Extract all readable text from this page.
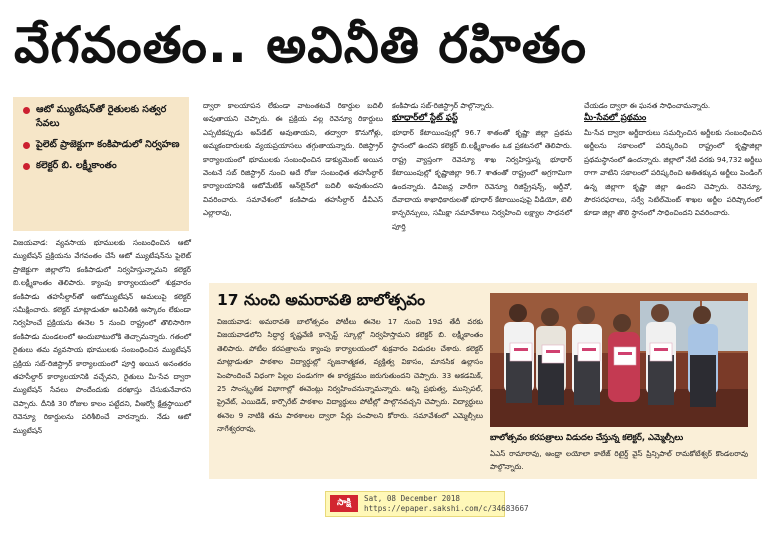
వేగవంతం.. అవినీతి రహితం
ఆటో మ్యుటేషన్‌తో రైతులకు సత్వర సేవలు
పైలెట్ ప్రాజెక్టుగా కంకిపాడులో నిర్వహణ
కలెక్టర్ బి. లక్ష్మీకాంతం

విజయవాడ: వ్యవసాయ భూములకు సంబంధించిన ఆటో మ్యుటేషన్ ప్రక్రియను వేగవంతం చేసే ఆటో మ్యుటేషన్‌ను పైలెట్ ప్రాజెక్టుగా జిల్లాలోని కంకిపాడులో నిర్వహిస్తున్నామని కలెక్టర్ బి.లక్ష్మీకాంతం తెలిపారు. క్యాంపు కార్యాలయంలో శుక్రవారం కంకిపాడు తహసీల్దార్‌తో ఆటోమ్యుటేషన్ అమలుపై కలెక్టర్ సమీక్షించారు. కలెక్టర్ మాట్లాడుతూ అవినీతికి ఆస్కారం లేకుండా నిర్వహించే ప్రక్రియను ఈనెల 5 నుంచి రాష్ట్రంలో తొలిసారిగా కంకిపాడు మండలంలో అందుబాటులోకి తెచ్చామన్నారు. గతంలో రైతులు తమ వ్యవసాయ భూములకు సంబంధించిన మ్యుటేషన్ ప్రక్రియ సబ్-రిజిస్ట్రార్ కార్యాలయంలో పూర్తి అయిన అనంతరం తహసీల్దార్ కార్యాలయానికి వచ్చేవని, రైతులు మీ-సేవ ద్వారా మ్యుటేషన్ సేవలు పొందేందుకు దరఖాస్తు చేసుకునేవారని చెప్పారు. దీనికి 30 రోజుల కాలం పట్టేదని, వీఆర్వో క్షేత్రస్థాయిలో రెవెన్యూ రికార్డులను పరిశీలించే వారన్నారు. నేడు ఆటో మ్యుటేషన్

ద్వారా కాలయాపన లేకుండా వాటంతటవే రికార్డుల బదిలీ అవుతాయని చెప్పారు. ఈ ప్రక్రియ వల్ల రెవెన్యూ రికార్డులు ఎప్పటికప్పుడు అప్‌డేట్ అవుతాయని, తద్వారా కొనుగోళ్లు, అమ్మకందారులకు వ్యయప్రయాసలు తగ్గుతాయన్నారు. రిజిస్ట్రార్ కార్యాలయంలో భూములకు సంబంధించిన డాక్యుమెంట్ అయిన వెంటనే సబ్ రిజిస్ట్రార్ నుంచి అదే రోజు సంబంధిత తహసీల్దార్ కార్యాలయానికి ఆటోమేటిక్ ఆన్‌లైన్‌లో బదిలీ అవుతుందని వివరించారు. సమావేశంలో కంకిపాడు తహసీల్దార్ డీవీఎస్ ఎల్లారావు,

కంకిపాడు సబ్-రిజిస్ట్రార్ పాల్గొన్నారు.

భూధార్‌లో స్టేట్ ఫస్ట్

భూధార్ కేటాయింపుల్లో 96.7 శాతంతో కృష్ణా జిల్లా ప్రథమ స్థానంలో ఉందని కలెక్టర్ బి.లక్ష్మీకాంతం ఒక ప్రకటనలో తెలిపారు. రాష్ట్ర వ్యాప్తంగా రెవెన్యూ శాఖ నిర్వహిస్తున్న భూధార్ కేటాయింపుల్లో కృష్ణాజిల్లా 96.7 శాతంతో రాష్ట్రంలో అగ్రగామిగా ఉందన్నారు. డివిజన్ల వారీగా రెవెన్యూ రిజిస్ట్రేషన్స్, ఆర్డీవో, దేవాదాయ శాఖాధికారులతో భూధార్ కేటాయింపుపై వీడియో, టెలీ కాన్ఫరెన్సులు, సమీక్షా సమావేశాలు నిర్వహించి లక్ష్యాల సాధనలో పూర్తి

చేయడం ద్వారా ఈ ఘనత సాధించామన్నారు.

మీ-సేవలో ప్రథమం

మీ-సేవ ద్వారా అర్జీదారులు సమర్పించిన అర్జీలకు సంబంధించిన అర్జీలను సకాలంలో పరిష్కరించి రాష్ట్రంలో కృష్ణాజిల్లా ప్రథమస్థానంలో ఉందన్నారు. జిల్లాలో నేటి వరకు 94,732 అర్జీలు రాగా వాటిని సకాలంలో పరిష్కరించి అతితక్కువ అర్జీలు పెండింగ్ ఉన్న జిల్లాగా కృష్ణా జిల్లా ఉందని చెప్పారు. రెవెన్యూ, పౌరసరఫరాలు, సర్వే సెటిల్‌మెంట్ శాఖల అర్జీల పరిష్కారంలో కూడా జిల్లా తొలి స్థానంలో సాధించిందని వివరించారు.

17 నుంచి అమరావతి బాలోత్సవం

విజయవాడ: అమరావతి బాలోత్సవం పోటీలు ఈనెల 17 నుంచి 19వ తేదీ వరకు విజయవాడలోని సిద్ధార్థ కృష్ణవేణి కాన్సెప్ట్ స్కూల్లో నిర్వహిస్తామని కలెక్టర్ బి. లక్ష్మీకాంతం తెలిపారు. పోటీల కరపత్రాలను క్యాంపు కార్యాలయంలో శుక్రవారం విడుదల చేశారు. కలెక్టర్ మాట్లాడుతూ పాఠశాల విద్యార్థుల్లో సృజనాత్మకత, వ్యక్తిత్వ వికాసం, మానసిక ఉల్లాసం పెంపొందించే విధంగా పిల్లల పండుగగా ఈ కార్యక్రమం జరుగుతుందని చెప్పారు. 33 అకడమిక్, 25 సాంస్కృతిక విభాగాల్లో ఈవెంట్లు నిర్వహించనున్నామన్నారు. అన్ని ప్రభుత్వ, మున్సిపల్, ప్రైవేట్, ఎయిడెడ్, కార్పొరేట్ పాఠశాల విద్యార్థులు పోటీల్లో పాల్గొనవచ్చని చెప్పారు. విద్యార్థులు ఈనెల 9 నాటికి తమ పాఠశాలల ద్వారా పేర్లు పంపాలని కోరారు. సమావేశంలో ఎమ్మెల్సీలు నాగేశ్వరరావు,

బాలోత్సవం కరపత్రాలు విడుదల చేస్తున్న కలెక్టర్, ఎమ్మెల్సీలు

ఏఎస్ రామారావు, ఆంధ్రా లయోలా కాలేజ్ రిటైర్డ్ వైస్ ప్రిన్సిపాల్ రామకోటేశ్వర్ కొండలరావు పాల్గొన్నారు.

సాక్షి	Sat, 08 December 2018
https://epaper.sakshi.com/c/34683667
